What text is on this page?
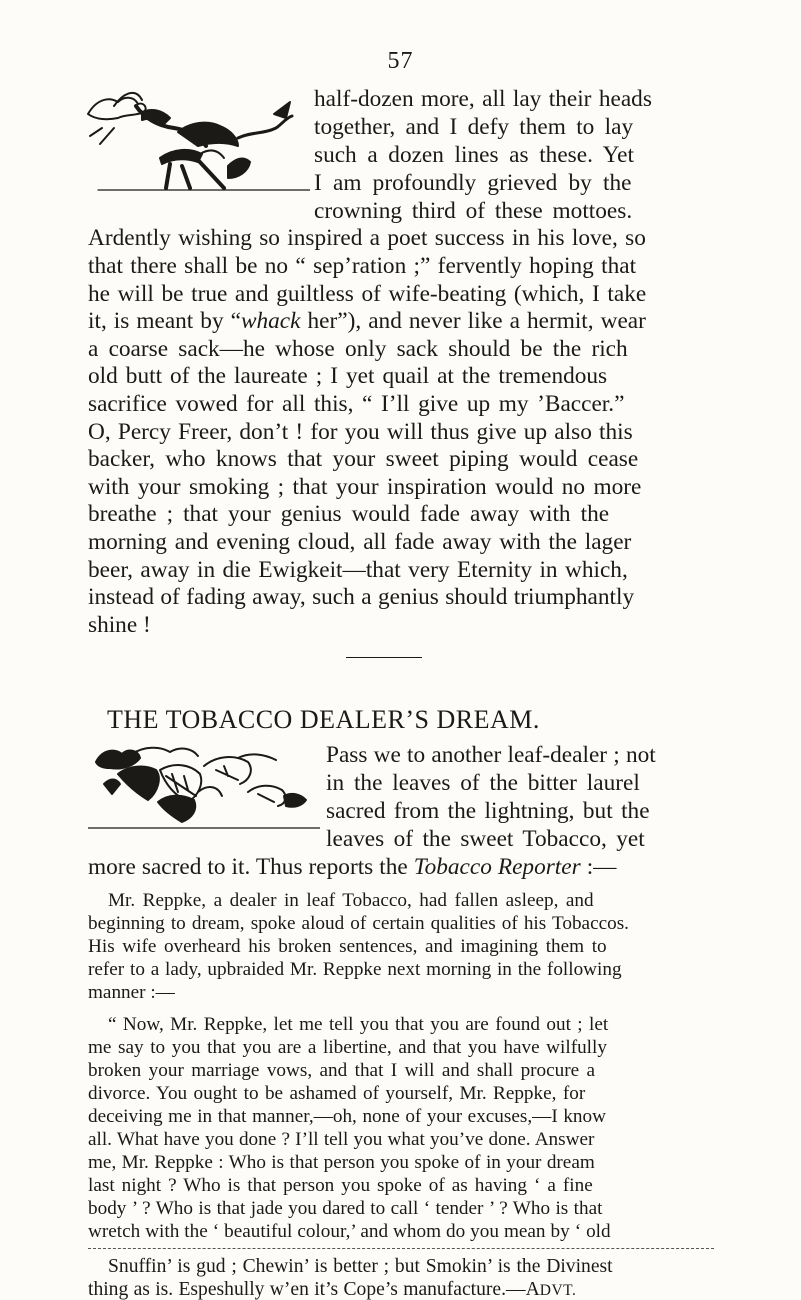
57
half-dozen more, all lay their heads
together, and I defy them to lay
such a dozen lines as these. Yet
I am profoundly grieved by the
crowning third of these mottoes.
Ardently wishing so inspired a poet success in his love, so
that there shall be no “ sep’ration ;” fervently hoping that
he will be true and guiltless of wife-beating (which, I take
it, is meant by “whack her”), and never like a hermit, wear
a coarse sack—he whose only sack should be the rich
old butt of the laureate ; I yet quail at the tremendous
sacrifice vowed for all this, “ I’ll give up my ’Baccer.”
O, Percy Freer, don’t ! for you will thus give up also this
backer, who knows that your sweet piping would cease
with your smoking ; that your inspiration would no more
breathe ; that your genius would fade away with the
morning and evening cloud, all fade away with the lager
beer, away in die Ewigkeit—that very Eternity in which,
instead of fading away, such a genius should triumphantly
shine !
THE TOBACCO DEALER’S DREAM.
Pass we to another leaf-dealer ; not
in the leaves of the bitter laurel
sacred from the lightning, but the
leaves of the sweet Tobacco, yet
more sacred to it. Thus reports the Tobacco Reporter :—
Mr. Reppke, a dealer in leaf Tobacco, had fallen asleep, and
beginning to dream, spoke aloud of certain qualities of his Tobaccos.
His wife overheard his broken sentences, and imagining them to
refer to a lady, upbraided Mr. Reppke next morning in the following
manner :—
“ Now, Mr. Reppke, let me tell you that you are found out ; let
me say to you that you are a libertine, and that you have wilfully
broken your marriage vows, and that I will and shall procure a
divorce. You ought to be ashamed of yourself, Mr. Reppke, for
deceiving me in that manner,—oh, none of your excuses,—I know
all. What have you done ? I’ll tell you what you’ve done. Answer
me, Mr. Reppke : Who is that person you spoke of in your dream
last night ? Who is that person you spoke of as having ‘ a fine
body ’ ? Who is that jade you dared to call ‘ tender ’ ? Who is that
wretch with the ‘ beautiful colour,’ and whom do you mean by ‘ old
Snuffin’ is gud ; Chewin’ is better ; but Smokin’ is the Divinest
thing as is. Espeshully w’en it’s Cope’s manufacture.—ADVT.
